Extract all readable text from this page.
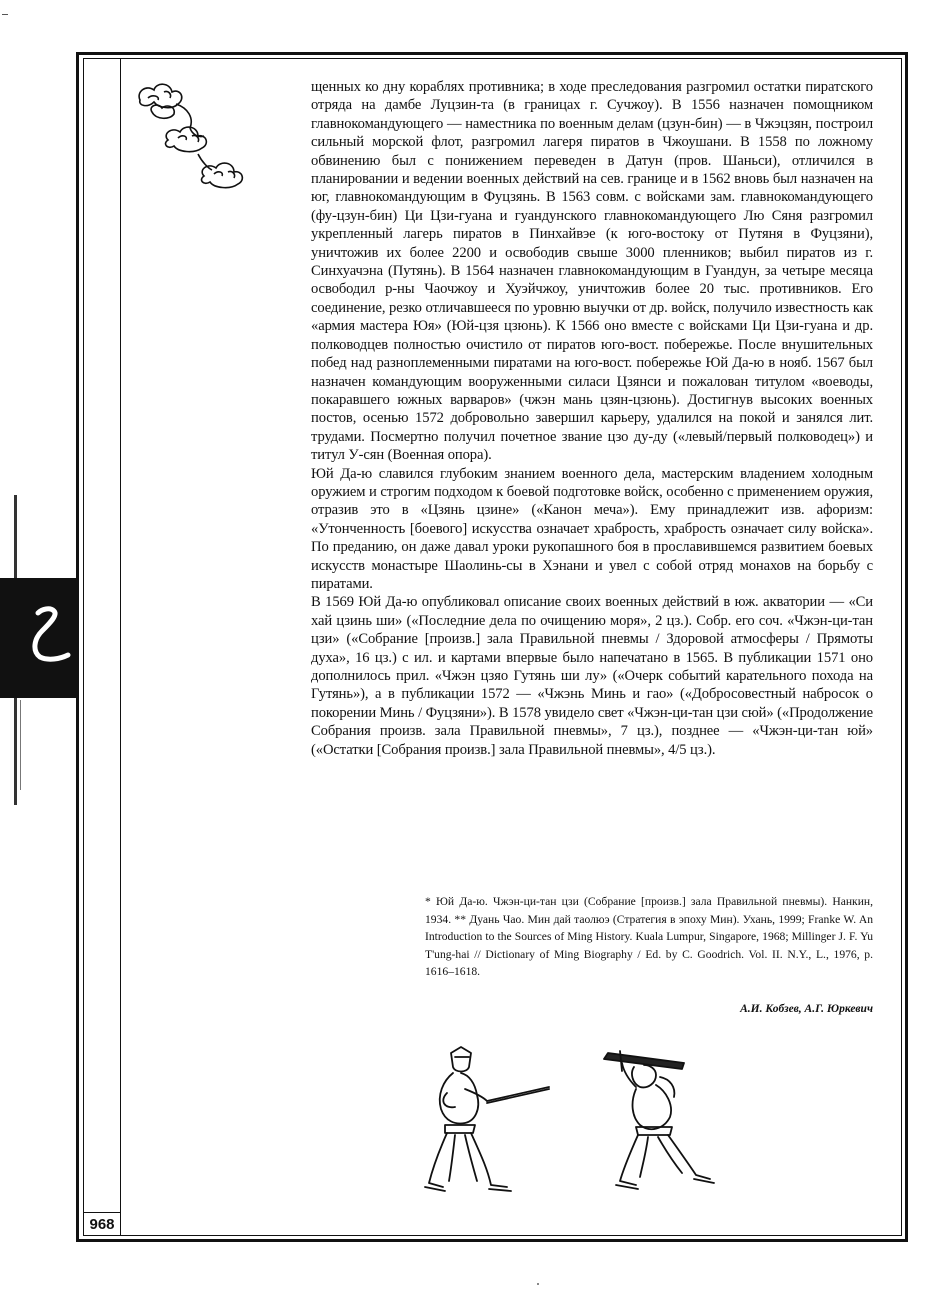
щенных ко дну кораблях противника; в ходе преследования разгромил остатки пиратского отряда на дамбе Луцзин-та (в границах г. Сучжоу). В 1556 назначен помощником главнокомандующего — наместника по военным делам (цзун-бин) — в Чжэцзян, построил сильный морской флот, разгромил лагеря пиратов в Чжоушани. В 1558 по ложному обвинению был с понижением переведен в Датун (пров. Шаньси), отличился в планировании и ведении военных действий на сев. границе и в 1562 вновь был назначен на юг, главнокомандующим в Фуцзянь. В 1563 совм. с войсками зам. главнокомандующего (фу-цзун-бин) Ци Цзи-гуана и гуандунского главнокомандующего Лю Сяня разгромил укрепленный лагерь пиратов в Пинхайвэе (к юго-востоку от Путяня в Фуцзяни), уничтожив их более 2200 и освободив свыше 3000 пленников; выбил пиратов из г. Синхуачэна (Путянь). В 1564 назначен главнокомандующим в Гуандун, за четыре месяца освободил р-ны Чаочжоу и Хуэйчжоу, уничтожив более 20 тыс. противников. Его соединение, резко отличавшееся по уровню выучки от др. войск, получило известность как «армия мастера Юя» (Юй-цзя цзюнь). К 1566 оно вместе с войсками Ци Цзи-гуана и др. полководцев полностью очистило от пиратов юго-вост. побережье. После внушительных побед над разноплеменными пиратами на юго-вост. побережье Юй Да-ю в нояб. 1567 был назначен командующим вооруженными силаси Цзянси и пожалован титулом «воеводы, покаравшего южных варваров» (чжэн мань цзян-цзюнь). Достигнув высоких военных постов, осенью 1572 добровольно завершил карьеру, удалился на покой и занялся лит. трудами. Посмертно получил почетное звание цзо ду-ду («левый/первый полководец») и титул У-сян (Военная опора).

Юй Да-ю славился глубоким знанием военного дела, мастерским владением холодным оружием и строгим подходом к боевой подготовке войск, особенно с применением оружия, отразив это в «Цзянь цзине» («Канон меча»). Ему принадлежит изв. афоризм: «Утонченность [боевого] искусства означает храбрость, храбрость означает силу войска». По преданию, он даже давал уроки рукопашного боя в прославившемся развитием боевых искусств монастыре Шаолинь-сы в Хэнани и увел с собой отряд монахов на борьбу с пиратами.

В 1569 Юй Да-ю опубликовал описание своих военных действий в юж. акватории — «Си хай цзинь ши» («Последние дела по очищению моря», 2 цз.). Собр. его соч. «Чжэн-ци-тан цзи» («Собрание [произв.] зала Правильной пневмы / Здоровой атмосферы / Прямоты духа», 16 цз.) с ил. и картами впервые было напечатано в 1565. В публикации 1571 оно дополнилось прил. «Чжэн цзяо Гутянь ши лу» («Очерк событий карательного похода на Гутянь»), а в публикации 1572 — «Чжэнь Минь и гао» («Добросовестный набросок о покорении Минь / Фуцзяни»). В 1578 увидело свет «Чжэн-ци-тан цзи сюй» («Продолжение Собрания произв. зала Правильной пневмы», 7 цз.), позднее — «Чжэн-ци-тан юй» («Остатки [Собрания произв.] зала Правильной пневмы», 4/5 цз.).

* Юй Да-ю. Чжэн-ци-тан цзи (Собрание [произв.] зала Правильной пневмы). Нанкин, 1934. ** Дуань Чао. Мин дай таолюэ (Стратегия в эпоху Мин). Ухань, 1999; Franke W. An Introduction to the Sources of Ming History. Kuala Lumpur, Singapore, 1968; Millinger J. F. Yu T'ung-hai // Dictionary of Ming Biography / Ed. by C. Goodrich. Vol. II. N.Y., L., 1976, p. 1616–1618.
А.И. Кобзев, А.Г. Юркевич
968
